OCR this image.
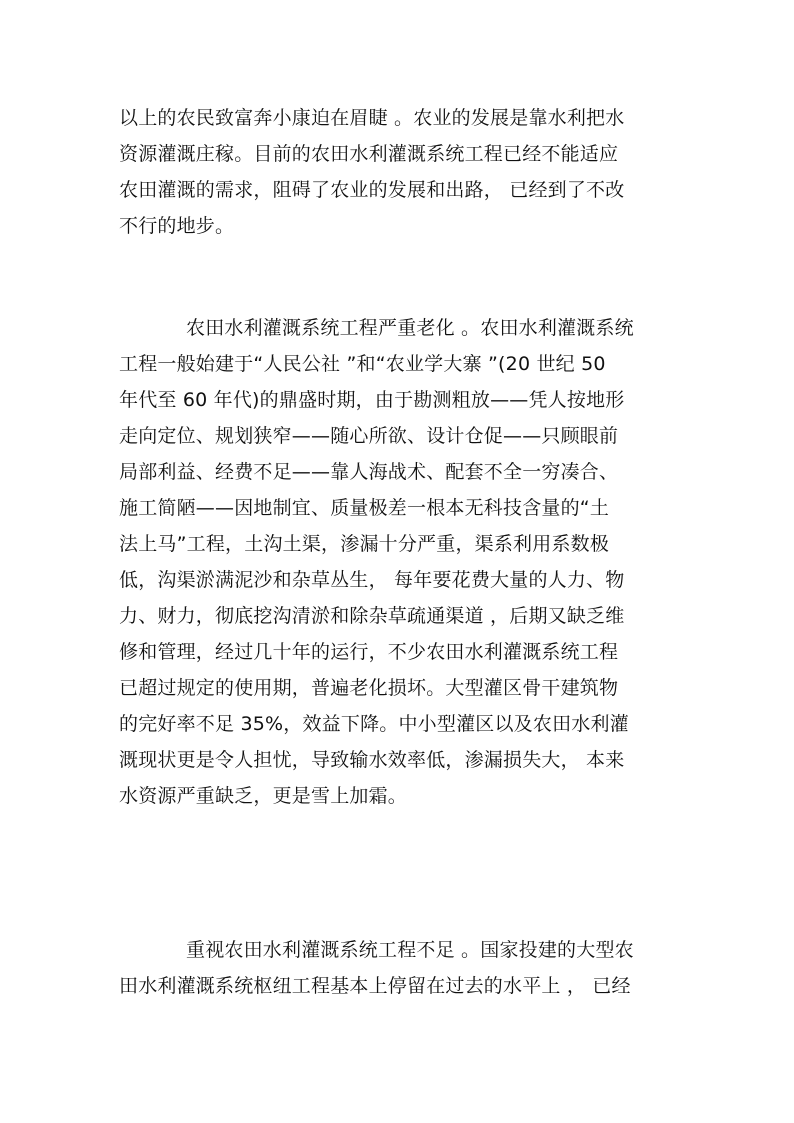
以上的农民致富奔小康迫在眉睫 。农业的发展是靠水利把水
资源灌溉庄稼。目前的农田水利灌溉系统工程已经不能适应
农田灌溉的需求，阻碍了农业的发展和出路， 已经到了不改
不行的地步。
农田水利灌溉系统工程严重老化 。农田水利灌溉系统
工程一般始建于“人民公社 ”和“农业学大寨 ”(20 世纪 50
年代至 60 年代)的鼎盛时期，由于勘测粗放——凭人按地形
走向定位、规划狭窄——随心所欲、设计仓促——只顾眼前
局部利益、经费不足——靠人海战术、配套不全一穷凑合、
施工简陋——因地制宜、质量极差一根本无科技含量的“土
法上马”工程，土沟土渠，渗漏十分严重，渠系利用系数极
低，沟渠淤满泥沙和杂草丛生， 每年要花费大量的人力、物
力、财力，彻底挖沟清淤和除杂草疏通渠道 ，后期又缺乏维
修和管理，经过几十年的运行，不少农田水利灌溉系统工程
已超过规定的使用期，普遍老化损坏。大型灌区骨干建筑物
的完好率不足 35%，效益下降。中小型灌区以及农田水利灌
溉现状更是令人担忧，导致输水效率低，渗漏损失大， 本来
水资源严重缺乏，更是雪上加霜。
重视农田水利灌溉系统工程不足 。国家投建的大型农
田水利灌溉系统枢纽工程基本上停留在过去的水平上 ， 已经
